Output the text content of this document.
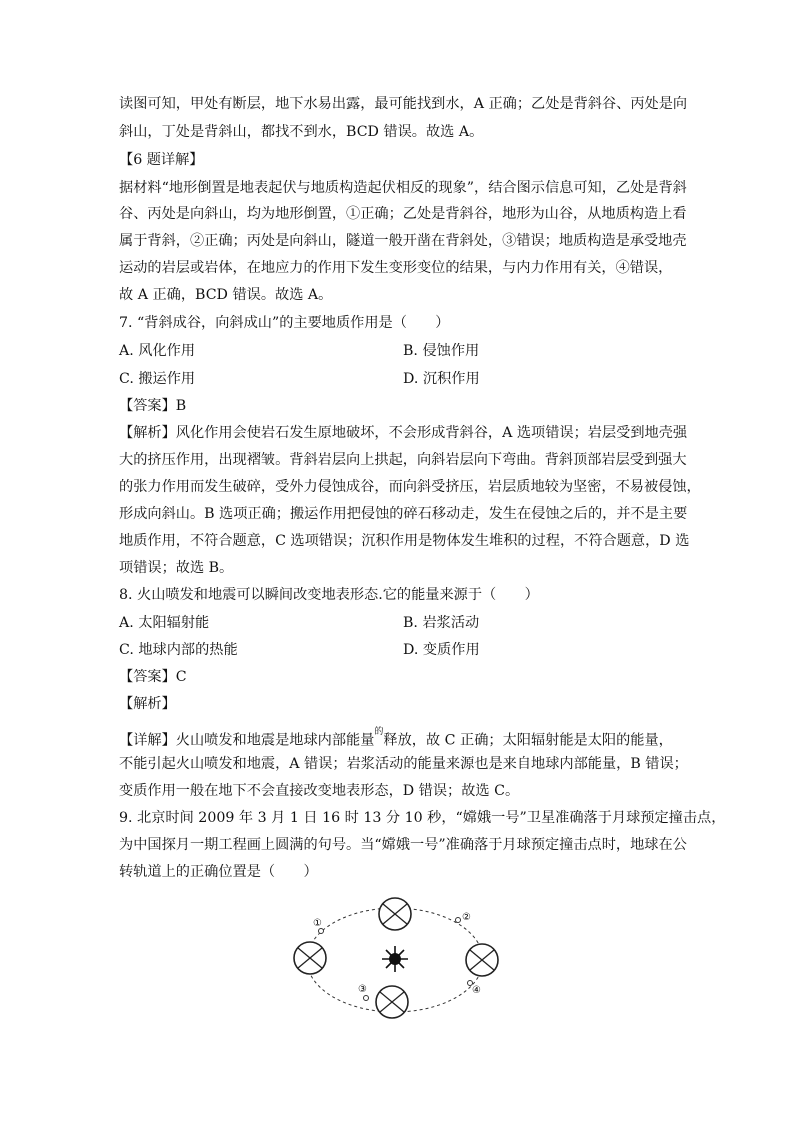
读图可知，甲处有断层，地下水易出露，最可能找到水，A 正确；乙处是背斜谷、丙处是向
斜山，丁处是背斜山，都找不到水，BCD 错误。故选 A。
【6 题详解】
据材料“地形倒置是地表起伏与地质构造起伏相反的现象”，结合图示信息可知，乙处是背斜
谷、丙处是向斜山，均为地形倒置，①正确；乙处是背斜谷，地形为山谷，从地质构造上看
属于背斜，②正确；丙处是向斜山，隧道一般开凿在背斜处，③错误；地质构造是承受地壳
运动的岩层或岩体，在地应力的作用下发生变形变位的结果，与内力作用有关，④错误，
故 A 正确，BCD 错误。故选 A。
7. “背斜成谷，向斜成山”的主要地质作用是（　　）
A. 风化作用	B. 侵蚀作用
C. 搬运作用	D. 沉积作用
【答案】B
【解析】风化作用会使岩石发生原地破坏，不会形成背斜谷，A 选项错误；岩层受到地壳强
大的挤压作用，出现褶皱。背斜岩层向上拱起，向斜岩层向下弯曲。背斜顶部岩层受到强大
的张力作用而发生破碎，受外力侵蚀成谷，而向斜受挤压，岩层质地较为坚密，不易被侵蚀，
形成向斜山。B 选项正确；搬运作用把侵蚀的碎石移动走，发生在侵蚀之后的，并不是主要
地质作用，不符合题意，C 选项错误；沉积作用是物体发生堆积的过程，不符合题意，D 选
项错误；故选 B。
8. 火山喷发和地震可以瞬间改变地表形态.它的能量来源于（　　）
A. 太阳辐射能	B. 岩浆活动
C. 地球内部的热能	D. 变质作用
【答案】C
【解析】
【详解】火山喷发和地震是地球内部能量$^的$释放，故 C 正确；太阳辐射能是太阳的能量，
不能引起火山喷发和地震，A 错误；岩浆活动的能量来源也是来自地球内部能量，B 错误；
变质作用一般在地下不会直接改变地表形态，D 错误；故选 C。
9. 北京时间 2009 年 3 月 1 日 16 时 13 分 10 秒，“嫦娥一号”卫星准确落于月球预定撞击点，
为中国探月一期工程画上圆满的句号。当“嫦娥一号”准确落于月球预定撞击点时，地球在公
转轨道上的正确位置是（　　）
①
②
③	④
